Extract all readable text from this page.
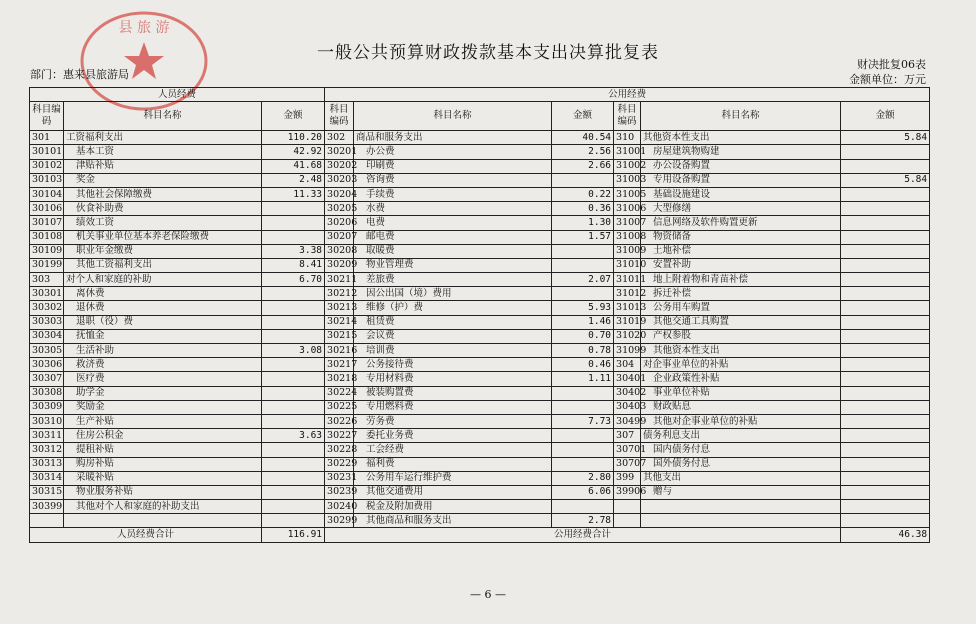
县 旅 游
一般公共预算财政拨款基本支出决算批复表
部门：惠来县旅游局
财决批复06表
金额单位：万元
人员经费			公用经费					
科目编码	科目名称	金额	科目编码	科目名称	金额	科目编码	科目名称	金额
301	工资福利支出	110.20	302	商品和服务支出	40.54	310	其他资本性支出	5.84
30101	基本工资	42.92	30201	办公费	2.56	31001	房屋建筑物购建	
30102	津贴补贴	41.68	30202	印刷费	2.66	31002	办公设备购置	
30103	奖金	2.48	30203	咨询费		31003	专用设备购置	5.84
30104	其他社会保障缴费	11.33	30204	手续费	0.22	31005	基础设施建设	
30106	伙食补助费		30205	水费	0.36	31006	大型修缮	
30107	绩效工资		30206	电费	1.30	31007	信息网络及软件购置更新	
30108	机关事业单位基本养老保险缴费		30207	邮电费	1.57	31008	物资储备	
30109	职业年金缴费	3.38	30208	取暖费		31009	土地补偿	
30199	其他工资福利支出	8.41	30209	物业管理费		31010	安置补助	
303	对个人和家庭的补助	6.70	30211	差旅费	2.07	31011	地上附着物和青苗补偿	
30301	离休费		30212	因公出国（境）费用		31012	拆迁补偿	
30302	退休费		30213	维修（护）费	5.93	31013	公务用车购置	
30303	退职（役）费		30214	租赁费	1.46	31019	其他交通工具购置	
30304	抚恤金		30215	会议费	0.70	31020	产权参股	
30305	生活补助	3.08	30216	培训费	0.78	31099	其他资本性支出	
30306	救济费		30217	公务接待费	0.46	304	对企事业单位的补贴	
30307	医疗费		30218	专用材料费	1.11	30401	企业政策性补贴	
30308	助学金		30224	被装购置费		30402	事业单位补贴	
30309	奖励金		30225	专用燃料费		30403	财政贴息	
30310	生产补贴		30226	劳务费	7.73	30499	其他对企事业单位的补贴	
30311	住房公积金	3.63	30227	委托业务费		307	债务利息支出	
30312	提租补贴		30228	工会经费		30701	国内债务付息	
30313	购房补贴		30229	福利费		30707	国外债务付息	
30314	采暖补贴		30231	公务用车运行维护费	2.80	399	其他支出	
30315	物业服务补贴		30239	其他交通费用	6.06	39906	赠与	
30399	其他对个人和家庭的补助支出		30240	税金及附加费用				
			30299	其他商品和服务支出	2.78			
人员经费合计		116.91	公用经费合计					46.38
— 6 —
